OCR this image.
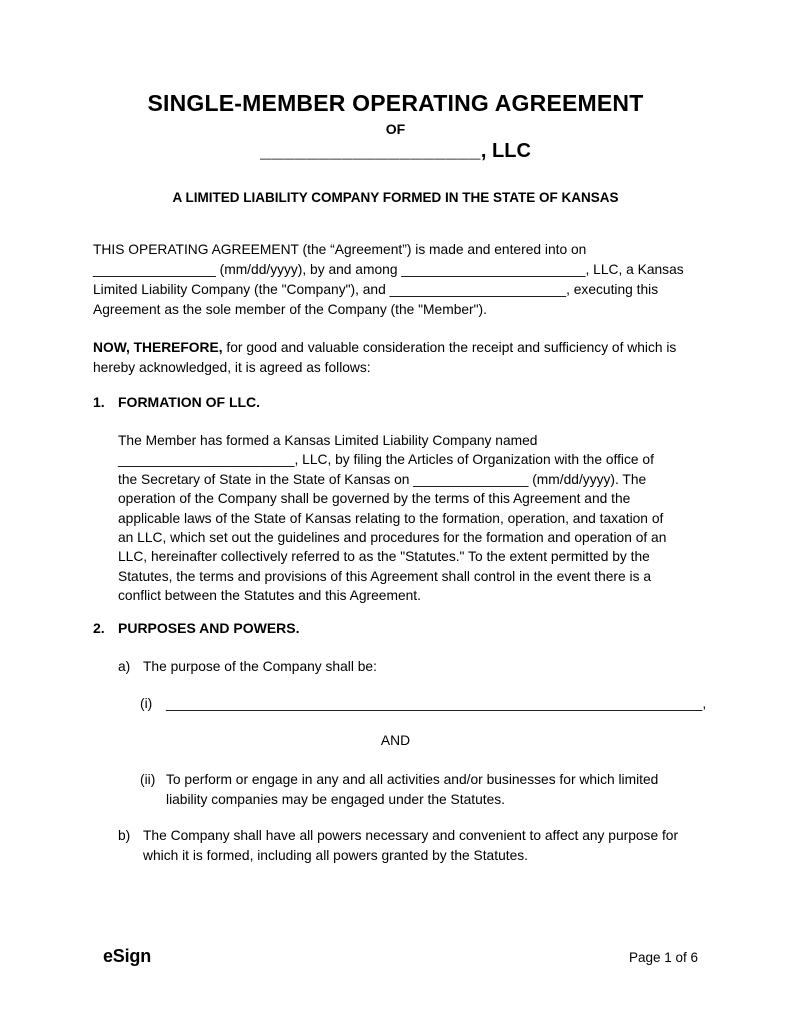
SINGLE-MEMBER OPERATING AGREEMENT
OF
___________________, LLC
A LIMITED LIABILITY COMPANY FORMED IN THE STATE OF KANSAS
THIS OPERATING AGREEMENT (the “Agreement”) is made and entered into on
________________ (mm/dd/yyyy), by and among ________________________, LLC, a Kansas
Limited Liability Company (the "Company"), and _______________________, executing this
Agreement as the sole member of the Company (the "Member").
NOW, THEREFORE, for good and valuable consideration the receipt and sufficiency of which is hereby acknowledged, it is agreed as follows:
1. FORMATION OF LLC.
The Member has formed a Kansas Limited Liability Company named
_______________________, LLC, by filing the Articles of Organization with the office of
the Secretary of State in the State of Kansas on _______________ (mm/dd/yyyy). The
operation of the Company shall be governed by the terms of this Agreement and the
applicable laws of the State of Kansas relating to the formation, operation, and taxation of
an LLC, which set out the guidelines and procedures for the formation and operation of an
LLC, hereinafter collectively referred to as the "Statutes." To the extent permitted by the
Statutes, the terms and provisions of this Agreement shall control in the event there is a
conflict between the Statutes and this Agreement.
2. PURPOSES AND POWERS.
a) The purpose of the Company shall be:
(i) _____________________________________________________________________,
AND
(ii) To perform or engage in any and all activities and/or businesses for which limited liability companies may be engaged under the Statutes.
b) The Company shall have all powers necessary and convenient to affect any purpose for which it is formed, including all powers granted by the Statutes.
eSign	Page 1 of 6
